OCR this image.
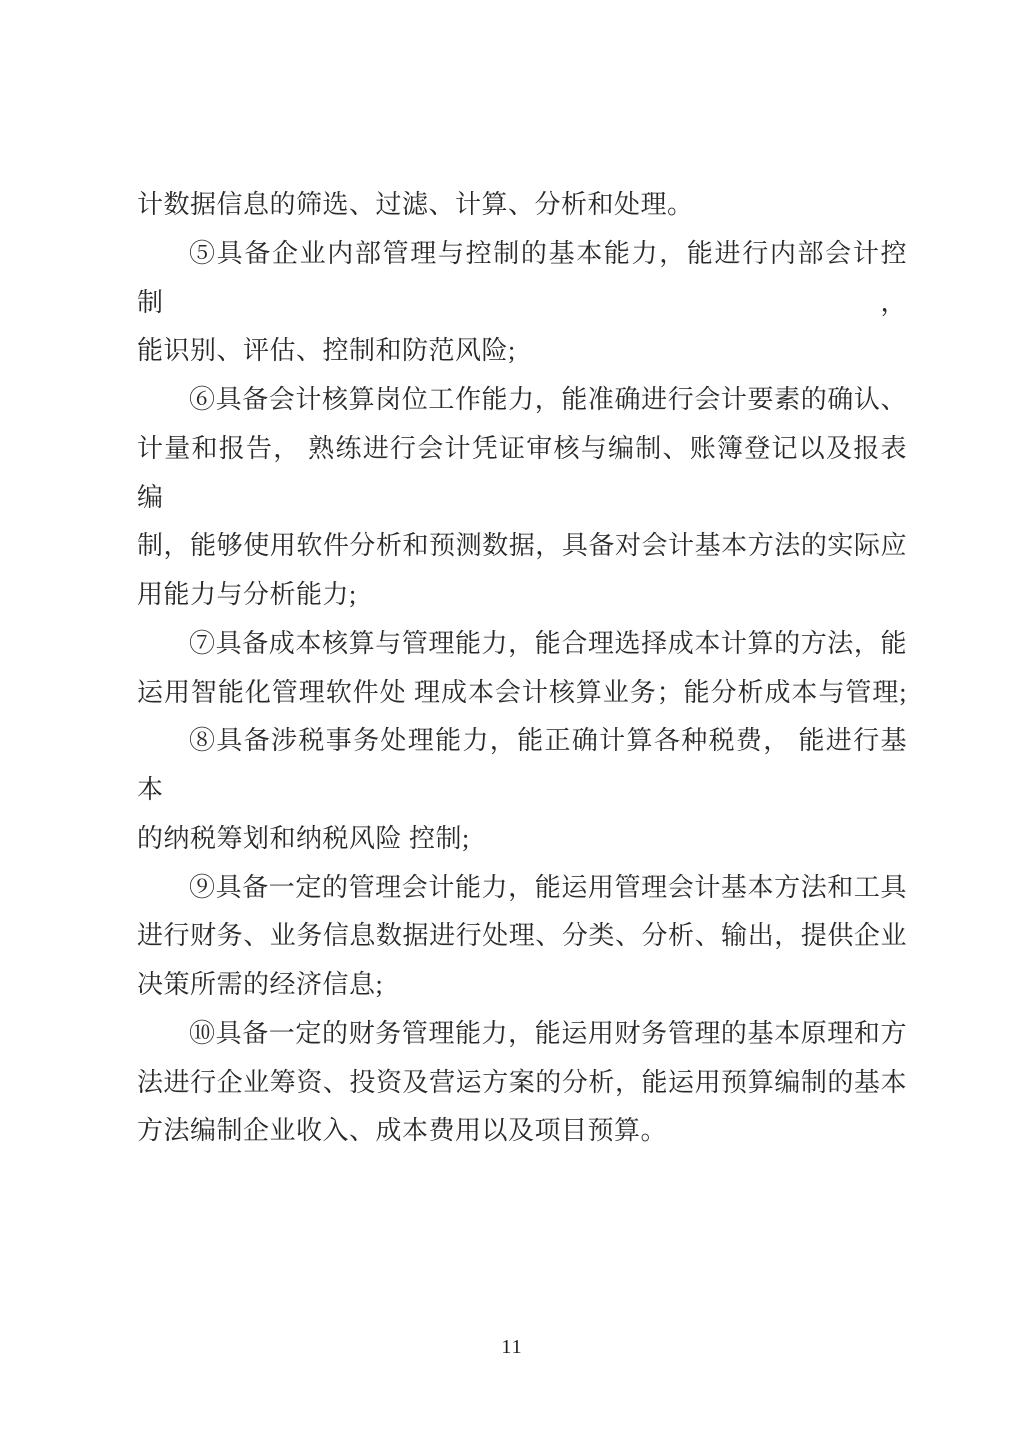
计数据信息的筛选、过滤、计算、分析和处理。
⑤具备企业内部管理与控制的基本能力，能进行内部会计控制，
能识别、评估、控制和防范风险;
⑥具备会计核算岗位工作能力，能准确进行会计要素的确认、
计量和报告， 熟练进行会计凭证审核与编制、账簿登记以及报表编
制，能够使用软件分析和预测数据，具备对会计基本方法的实际应
用能力与分析能力;
⑦具备成本核算与管理能力，能合理选择成本计算的方法，能
运用智能化管理软件处 理成本会计核算业务；能分析成本与管理;
⑧具备涉税事务处理能力，能正确计算各种税费， 能进行基本
的纳税筹划和纳税风险 控制;
⑨具备一定的管理会计能力，能运用管理会计基本方法和工具
进行财务、业务信息数据进行处理、分类、分析、输出，提供企业
决策所需的经济信息;
⑩具备一定的财务管理能力，能运用财务管理的基本原理和方
法进行企业筹资、投资及营运方案的分析，能运用预算编制的基本
方法编制企业收入、成本费用以及项目预算。
11
